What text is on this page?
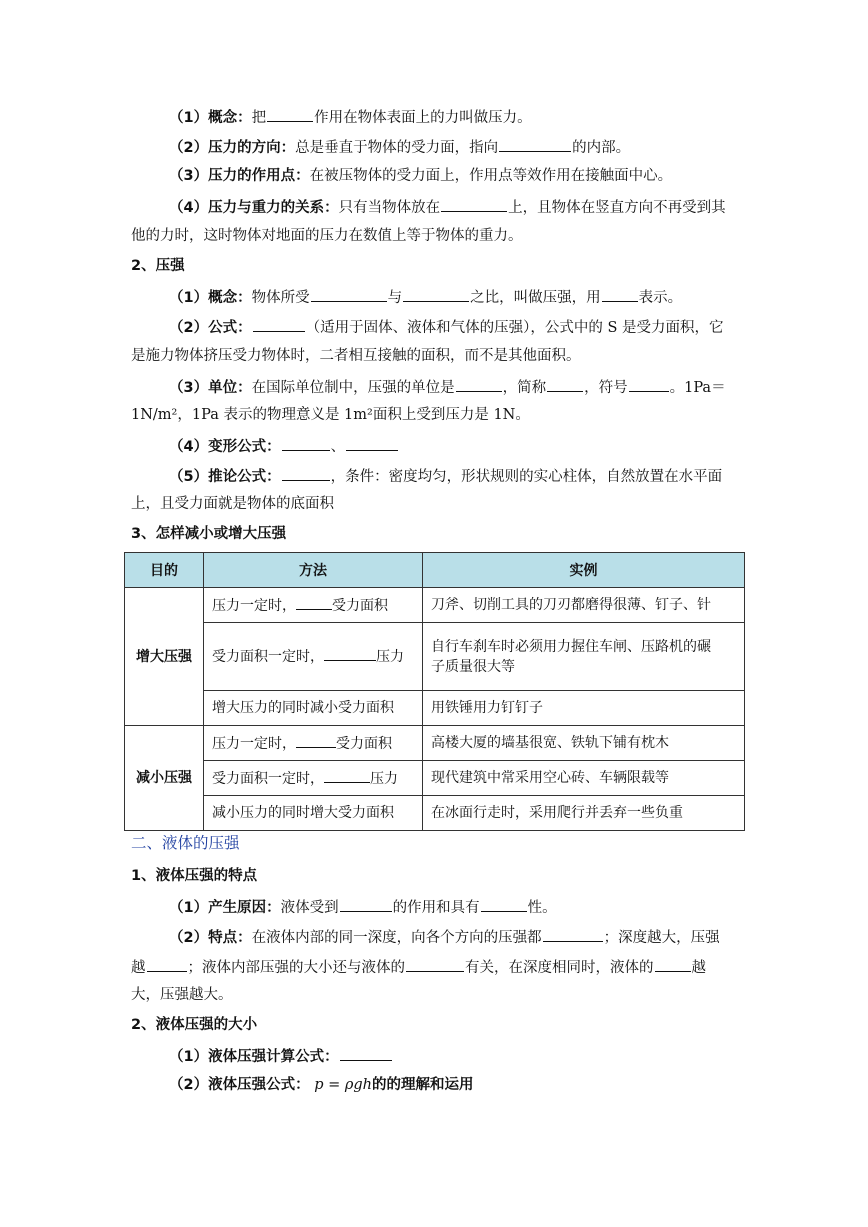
（1）概念：把	作用在物体表面上的力叫做压力。
（2）压力的方向：总是垂直于物体的受力面，指向	的内部。
（3）压力的作用点：在被压物体的受力面上，作用点等效作用在接触面中心。
（4）压力与重力的关系：只有当物体放在	上，且物体在竖直方向不再受到其
他的力时，这时物体对地面的压力在数值上等于物体的重力。
2、压强
（1）概念：物体所受	与	之比，叫做压强，用	表示。
（2）公式：	（适用于固体、液体和气体的压强），公式中的 S 是受力面积，它
是施力物体挤压受力物体时，二者相互接触的面积，而不是其他面积。
（3）单位：在国际单位制中，压强的单位是	，简称	，符号	。1Pa＝
1N/m²，1Pa 表示的物理意义是 1m²面积上受到压力是 1N。
（4）变形公式：	、
（5）推论公式：	，条件：密度均匀，形状规则的实心柱体，自然放置在水平面
上，且受力面就是物体的底面积
3、怎样减小或增大压强
目的	方法	实例
增大压强	压力一定时， 受力面积	刀斧、切削工具的刀刃都磨得很薄、钉子、针
	受力面积一定时， 压力	自行车刹车时必须用力握住车闸、压路机的碾
子质量很大等

	增大压力的同时减小受力面积	用铁锤用力钉钉子
减小压强	压力一定时， 受力面积	高楼大厦的墙基很宽、铁轨下铺有枕木
	受力面积一定时， 压力	现代建筑中常采用空心砖、车辆限载等
	减小压力的同时增大受力面积	在冰面行走时，采用爬行并丢弃一些负重
二、液体的压强
1、液体压强的特点
（1）产生原因：液体受到	的作用和具有	性。
（2）特点：在液体内部的同一深度，向各个方向的压强都	；深度越大，压强
越	；液体内部压强的大小还与液体的	有关，在深度相同时，液体的	越
大，压强越大。
2、液体压强的大小
（1）液体压强计算公式：
（2）液体压强公式： p = ρgh的的理解和运用
